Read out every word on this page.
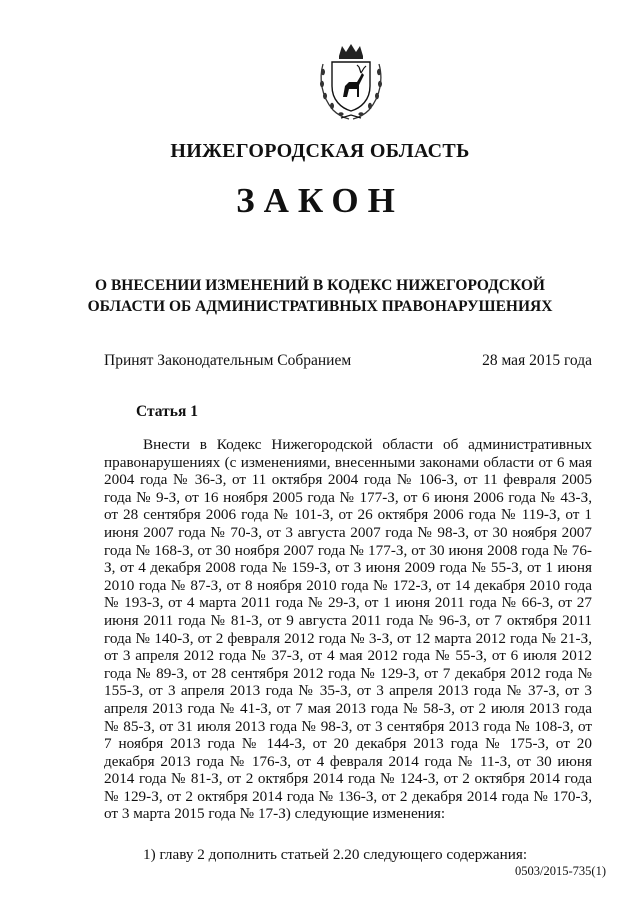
НИЖЕГОРОДСКАЯ ОБЛАСТЬ
ЗАКОН
О ВНЕСЕНИИ ИЗМЕНЕНИЙ В КОДЕКС НИЖЕГОРОДСКОЙ
ОБЛАСТИ ОБ АДМИНИСТРАТИВНЫХ ПРАВОНАРУШЕНИЯХ
Принят Законодательным Собранием	28 мая 2015 года
Статья 1
Внести в Кодекс Нижегородской области об административных правонарушениях (с изменениями, внесенными законами области от 6 мая 2004 года № 36-З, от 11 октября 2004 года № 106-З, от 11 февраля 2005 года № 9-З, от 16 ноября 2005 года № 177-З, от 6 июня 2006 года № 43-З, от 28 сентября 2006 года № 101-З, от 26 октября 2006 года № 119-З, от 1 июня 2007 года № 70-З, от 3 августа 2007 года № 98-З, от 30 ноября 2007 года № 168-З, от 30 ноября 2007 года № 177-З, от 30 июня 2008 года № 76-З, от 4 декабря 2008 года № 159-З, от 3 июня 2009 года № 55-З, от 1 июня 2010 года № 87-З, от 8 ноября 2010 года № 172-З, от 14 декабря 2010 года № 193-З, от 4 марта 2011 года № 29-З, от 1 июня 2011 года № 66-З, от 27 июня 2011 года № 81-З, от 9 августа 2011 года № 96-З, от 7 октября 2011 года № 140-З, от 2 февраля 2012 года № 3-З, от 12 марта 2012 года № 21-З, от 3 апреля 2012 года № 37-З, от 4 мая 2012 года № 55-З, от 6 июля 2012 года № 89-З, от 28 сентября 2012 года № 129-З, от 7 декабря 2012 года № 155-З, от 3 апреля 2013 года № 35-З, от 3 апреля 2013 года № 37-З, от 3 апреля 2013 года № 41-З, от 7 мая 2013 года № 58-З, от 2 июля 2013 года № 85-З, от 31 июля 2013 года № 98-З, от 3 сентября 2013 года № 108-З, от 7 ноября 2013 года № 144-З, от 20 декабря 2013 года № 175-З, от 20 декабря 2013 года № 176-З, от 4 февраля 2014 года № 11-З, от 30 июня 2014 года № 81-З, от 2 октября 2014 года № 124-З, от 2 октября 2014 года № 129-З, от 2 октября 2014 года № 136-З, от 2 декабря 2014 года № 170-З, от 3 марта 2015 года № 17-З) следующие изменения:
1) главу 2 дополнить статьей 2.20 следующего содержания:
0503/2015-735(1)
